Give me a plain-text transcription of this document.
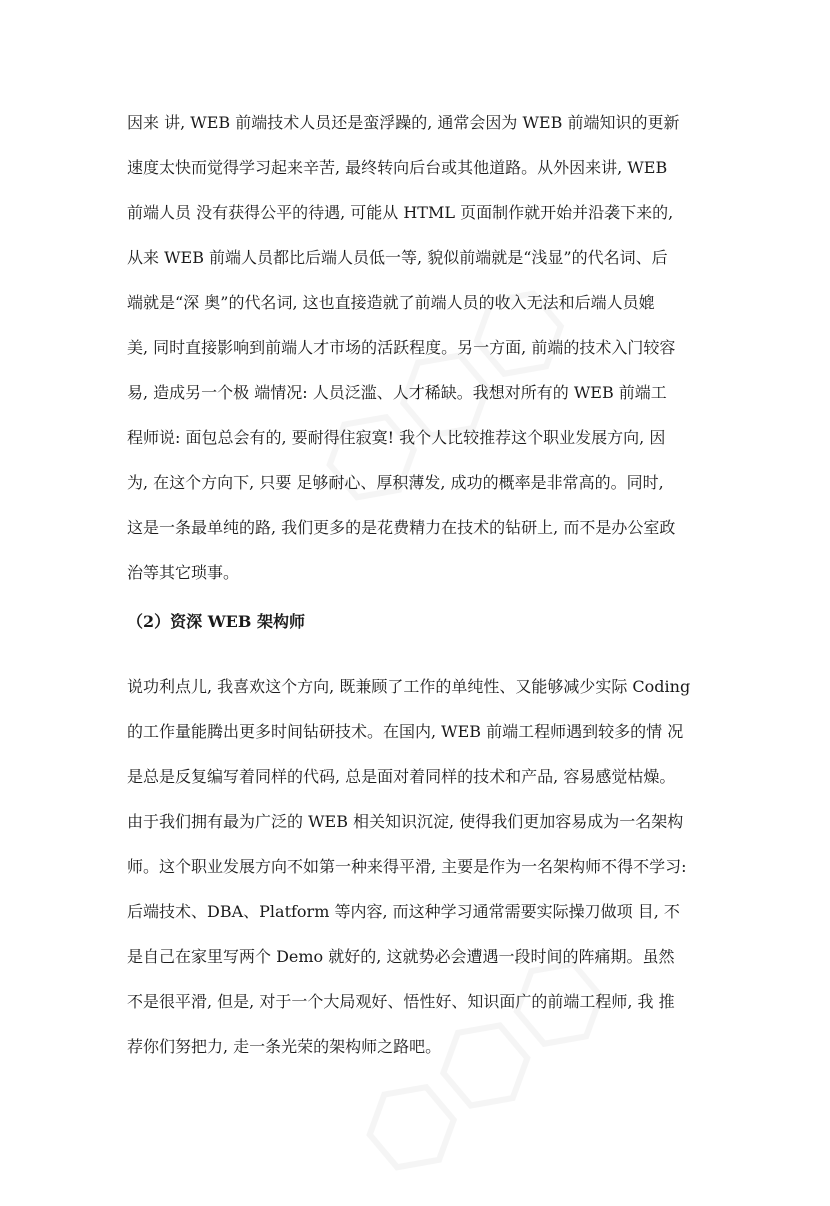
因来 讲, WEB 前端技术人员还是蛮浮躁的, 通常会因为 WEB 前端知识的更新
速度太快而觉得学习起来辛苦, 最终转向后台或其他道路。从外因来讲, WEB
前端人员 没有获得公平的待遇, 可能从 HTML 页面制作就开始并沿袭下来的,
从来 WEB 前端人员都比后端人员低一等, 貌似前端就是“浅显”的代名词、后
端就是“深 奥”的代名词, 这也直接造就了前端人员的收入无法和后端人员媲
美, 同时直接影响到前端人才市场的活跃程度。另一方面, 前端的技术入门较容
易, 造成另一个极 端情况: 人员泛滥、人才稀缺。我想对所有的 WEB 前端工
程师说: 面包总会有的, 要耐得住寂寞! 我个人比较推荐这个职业发展方向, 因
为, 在这个方向下, 只要 足够耐心、厚积薄发, 成功的概率是非常高的。同时,
这是一条最单纯的路, 我们更多的是花费精力在技术的钻研上, 而不是办公室政
治等其它琐事。
（2）资深 WEB 架构师
说功利点儿, 我喜欢这个方向, 既兼顾了工作的单纯性、又能够减少实际 Coding
的工作量能腾出更多时间钻研技术。在国内, WEB 前端工程师遇到较多的情 况
是总是反复编写着同样的代码, 总是面对着同样的技术和产品, 容易感觉枯燥。
由于我们拥有最为广泛的 WEB 相关知识沉淀, 使得我们更加容易成为一名架构
师。这个职业发展方向不如第一种来得平滑, 主要是作为一名架构师不得不学习:
后端技术、DBA、Platform 等内容, 而这种学习通常需要实际操刀做项 目, 不
是自己在家里写两个 Demo 就好的, 这就势必会遭遇一段时间的阵痛期。虽然
不是很平滑, 但是, 对于一个大局观好、悟性好、知识面广的前端工程师, 我 推
荐你们努把力, 走一条光荣的架构师之路吧。
